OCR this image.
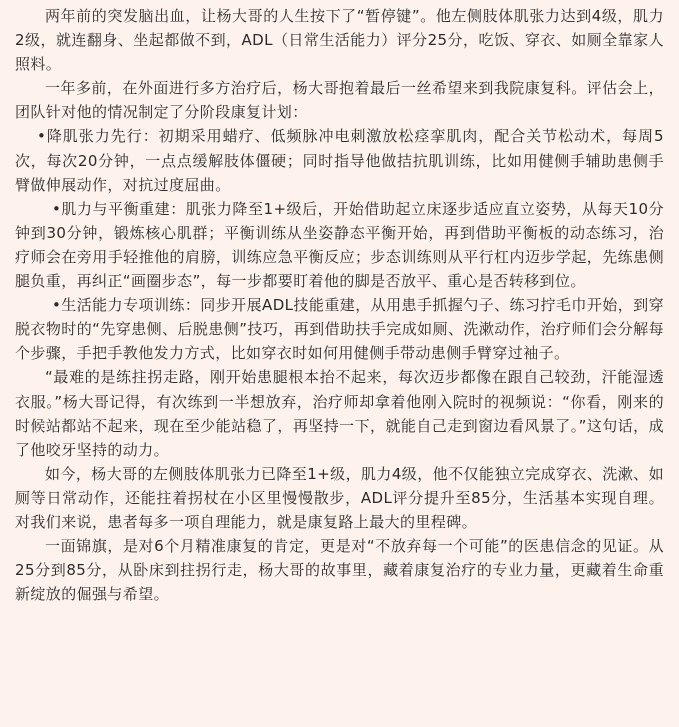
两年前的突发脑出血，让杨大哥的人生按下了“暂停键”。他左侧肢体肌张力达到4级，肌力2级，就连翻身、坐起都做不到，ADL（日常生活能力）评分25分，吃饭、穿衣、如厕全靠家人照料。

一年多前，在外面进行多方治疗后，杨大哥抱着最后一丝希望来到我院康复科。评估会上，团队针对他的情况制定了分阶段康复计划：

•降肌张力先行：初期采用蜡疗、低频脉冲电刺激放松痉挛肌肉，配合关节松动术，每周5次，每次20分钟，一点点缓解肢体僵硬；同时指导他做拮抗肌训练，比如用健侧手辅助患侧手臂做伸展动作，对抗过度屈曲。

•肌力与平衡重建：肌张力降至1+级后，开始借助起立床逐步适应直立姿势，从每天10分钟到30分钟，锻炼核心肌群；平衡训练从坐姿静态平衡开始，再到借助平衡板的动态练习，治疗师会在旁用手轻推他的肩膀，训练应急平衡反应；步态训练则从平行杠内迈步学起，先练患侧腿负重，再纠正“画圈步态”，每一步都要盯着他的脚是否放平、重心是否转移到位。

•生活能力专项训练：同步开展ADL技能重建，从用患手抓握勺子、练习拧毛巾开始，到穿脱衣物时的“先穿患侧、后脱患侧”技巧，再到借助扶手完成如厕、洗漱动作，治疗师们会分解每个步骤，手把手教他发力方式，比如穿衣时如何用健侧手带动患侧手臂穿过袖子。

“最难的是练拄拐走路，刚开始患腿根本抬不起来，每次迈步都像在跟自己较劲，汗能湿透衣服。”杨大哥记得，有次练到一半想放弃，治疗师却拿着他刚入院时的视频说：“你看，刚来的时候站都站不起来，现在至少能站稳了，再坚持一下，就能自己走到窗边看风景了。”这句话，成了他咬牙坚持的动力。

如今，杨大哥的左侧肢体肌张力已降至1+级，肌力4级，他不仅能独立完成穿衣、洗漱、如厕等日常动作，还能拄着拐杖在小区里慢慢散步，ADL评分提升至85分，生活基本实现自理。对我们来说，患者每多一项自理能力，就是康复路上最大的里程碑。

一面锦旗，是对6个月精准康复的肯定，更是对“不放弃每一个可能”的医患信念的见证。从25分到85分，从卧床到拄拐行走，杨大哥的故事里，藏着康复治疗的专业力量，更藏着生命重新绽放的倔强与希望。
